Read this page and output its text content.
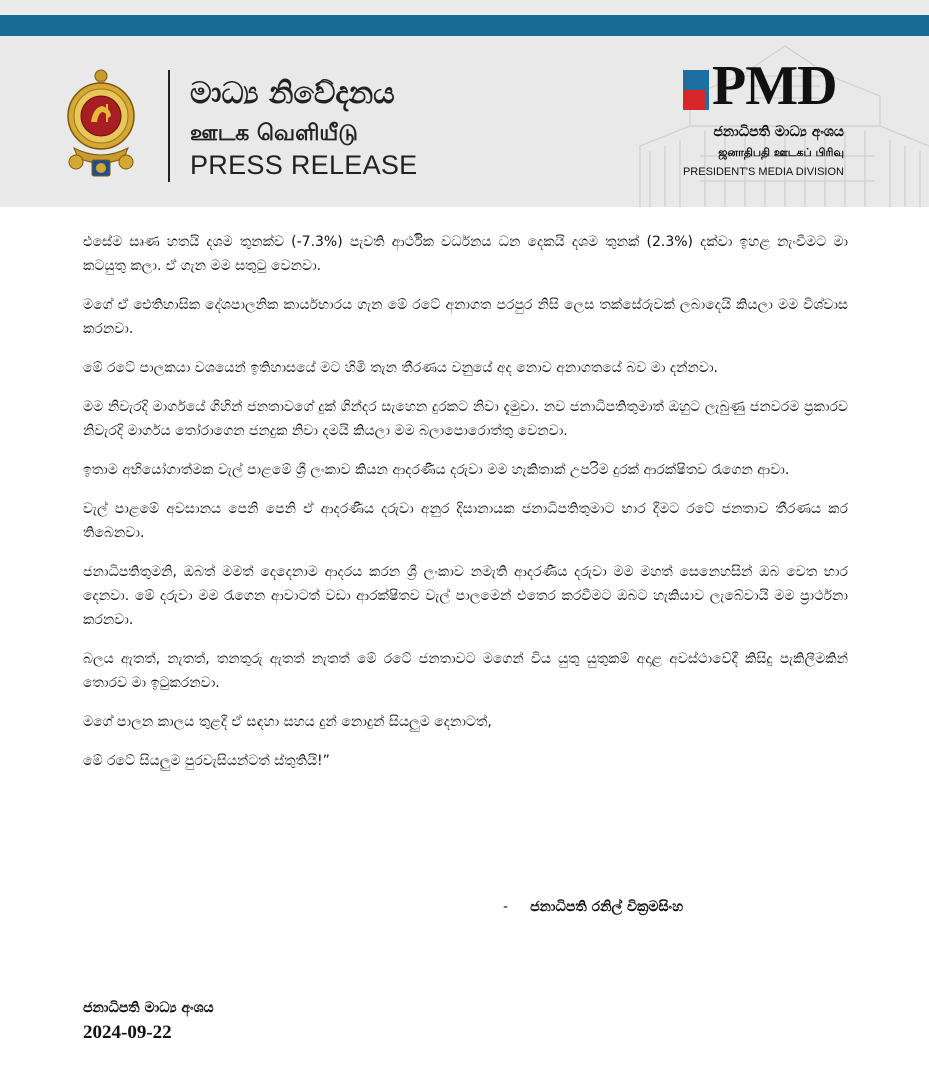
මාධ්‍ය නිවේදනය
ஊடக வெளியீடு
PRESS RELEASE
PMD
ජනාධිපති මාධ්‍ය අංශය
ஜனாதிபதி ஊடகப் பிரிவு
PRESIDENT'S MEDIA DIVISION

එසේම සෘණ හතයි දශම තුනක්ව (-7.3%) පැවති ආර්ථික වර්ධනය ධන දෙකයි දශම තුනක් (2.3%) දක්වා ඉහළ නැංවීමට මා කටයුතු කලා. ඒ ගැන මම සතුටු වෙනවා.

මගේ ඒ ඓතිහාසික දේශපාලනික කාර්යභාරය ගැන මේ රටේ අනාගත පරපුර නිසි ලෙස තක්සේරුවක් ලබාදෙයි කියලා මම විශ්වාස කරනවා.

මේ රටේ පාලකයා වශයෙන් ඉතිහාසයේ මට හිමි තැන තීරණය වනුයේ අද නොව අනාගතයේ බව මා දන්නවා.

මම නිවැරදි මාර්ගයේ ගිහින් ජනතාවගේ දුක් ගින්දර සැහෙන දුරකට නිවා දැමුවා. නව ජනාධිපතිතුමාත් ඔහුට ලැබුණු ජනවරම ප්‍රකාරව නිවැරදි මාර්ගය තෝරාගෙන ජනදුක නිවා දමයි කියලා මම බලාපොරොත්තු වෙනවා.

ඉතාම අභියෝගාත්මක වැල් පාළමේ ශ්‍රී ලංකාව කියන ආදරණීය දරුවා මම හැකිතාක් උපරිම දුරක් ආරක්ෂිතව රැගෙන ආවා.

වැල් පාළමේ අවසානය පෙනි පෙනි ඒ ආදරණීය දරුවා අනුර දිසානායක ජනාධිපතිතුමාට භාර දීමට රටේ ජනතාව තීරණය කර තිබෙනවා.

ජනාධිපතිතුමනි, ඔබත් මමත් දෙදෙනාම ආදරය කරන ශ්‍රී ලංකාව නමැති ආදරණීය දරුවා මම මහත් සෙනෙහසින් ඔබ වෙත භාර දෙනවා. මේ දරුවා මම රැගෙන ආවාටත් වඩා ආරක්ෂිතව වැල් පාලමෙන් එතෙර කරවීමට ඔබට හැකියාව ලැබේවායි මම ප්‍රාර්ථනා කරනවා.

බලය ඇතත්, නැතත්, තනතුරු ඇතත් නැතත් මේ රටේ ජනතාවට මගෙන් විය යුතු යුතුකම් අදාළ අවස්ථාවේදී කිසිදු පැකිලීමකින් තොරව මා ඉටුකරනවා.

මගේ පාලන කාලය තුළදී ඒ සඳහා සහය දුන් නොදුන් සියලුම දෙනාටත්,

මේ රටේ සියලුම පුරවැසියන්ටත් ස්තුතියි!”

- ජනාධිපති රනිල් වික්‍රමසිංහ
ජනාධිපති මාධ්‍ය අංශය
2024-09-22
